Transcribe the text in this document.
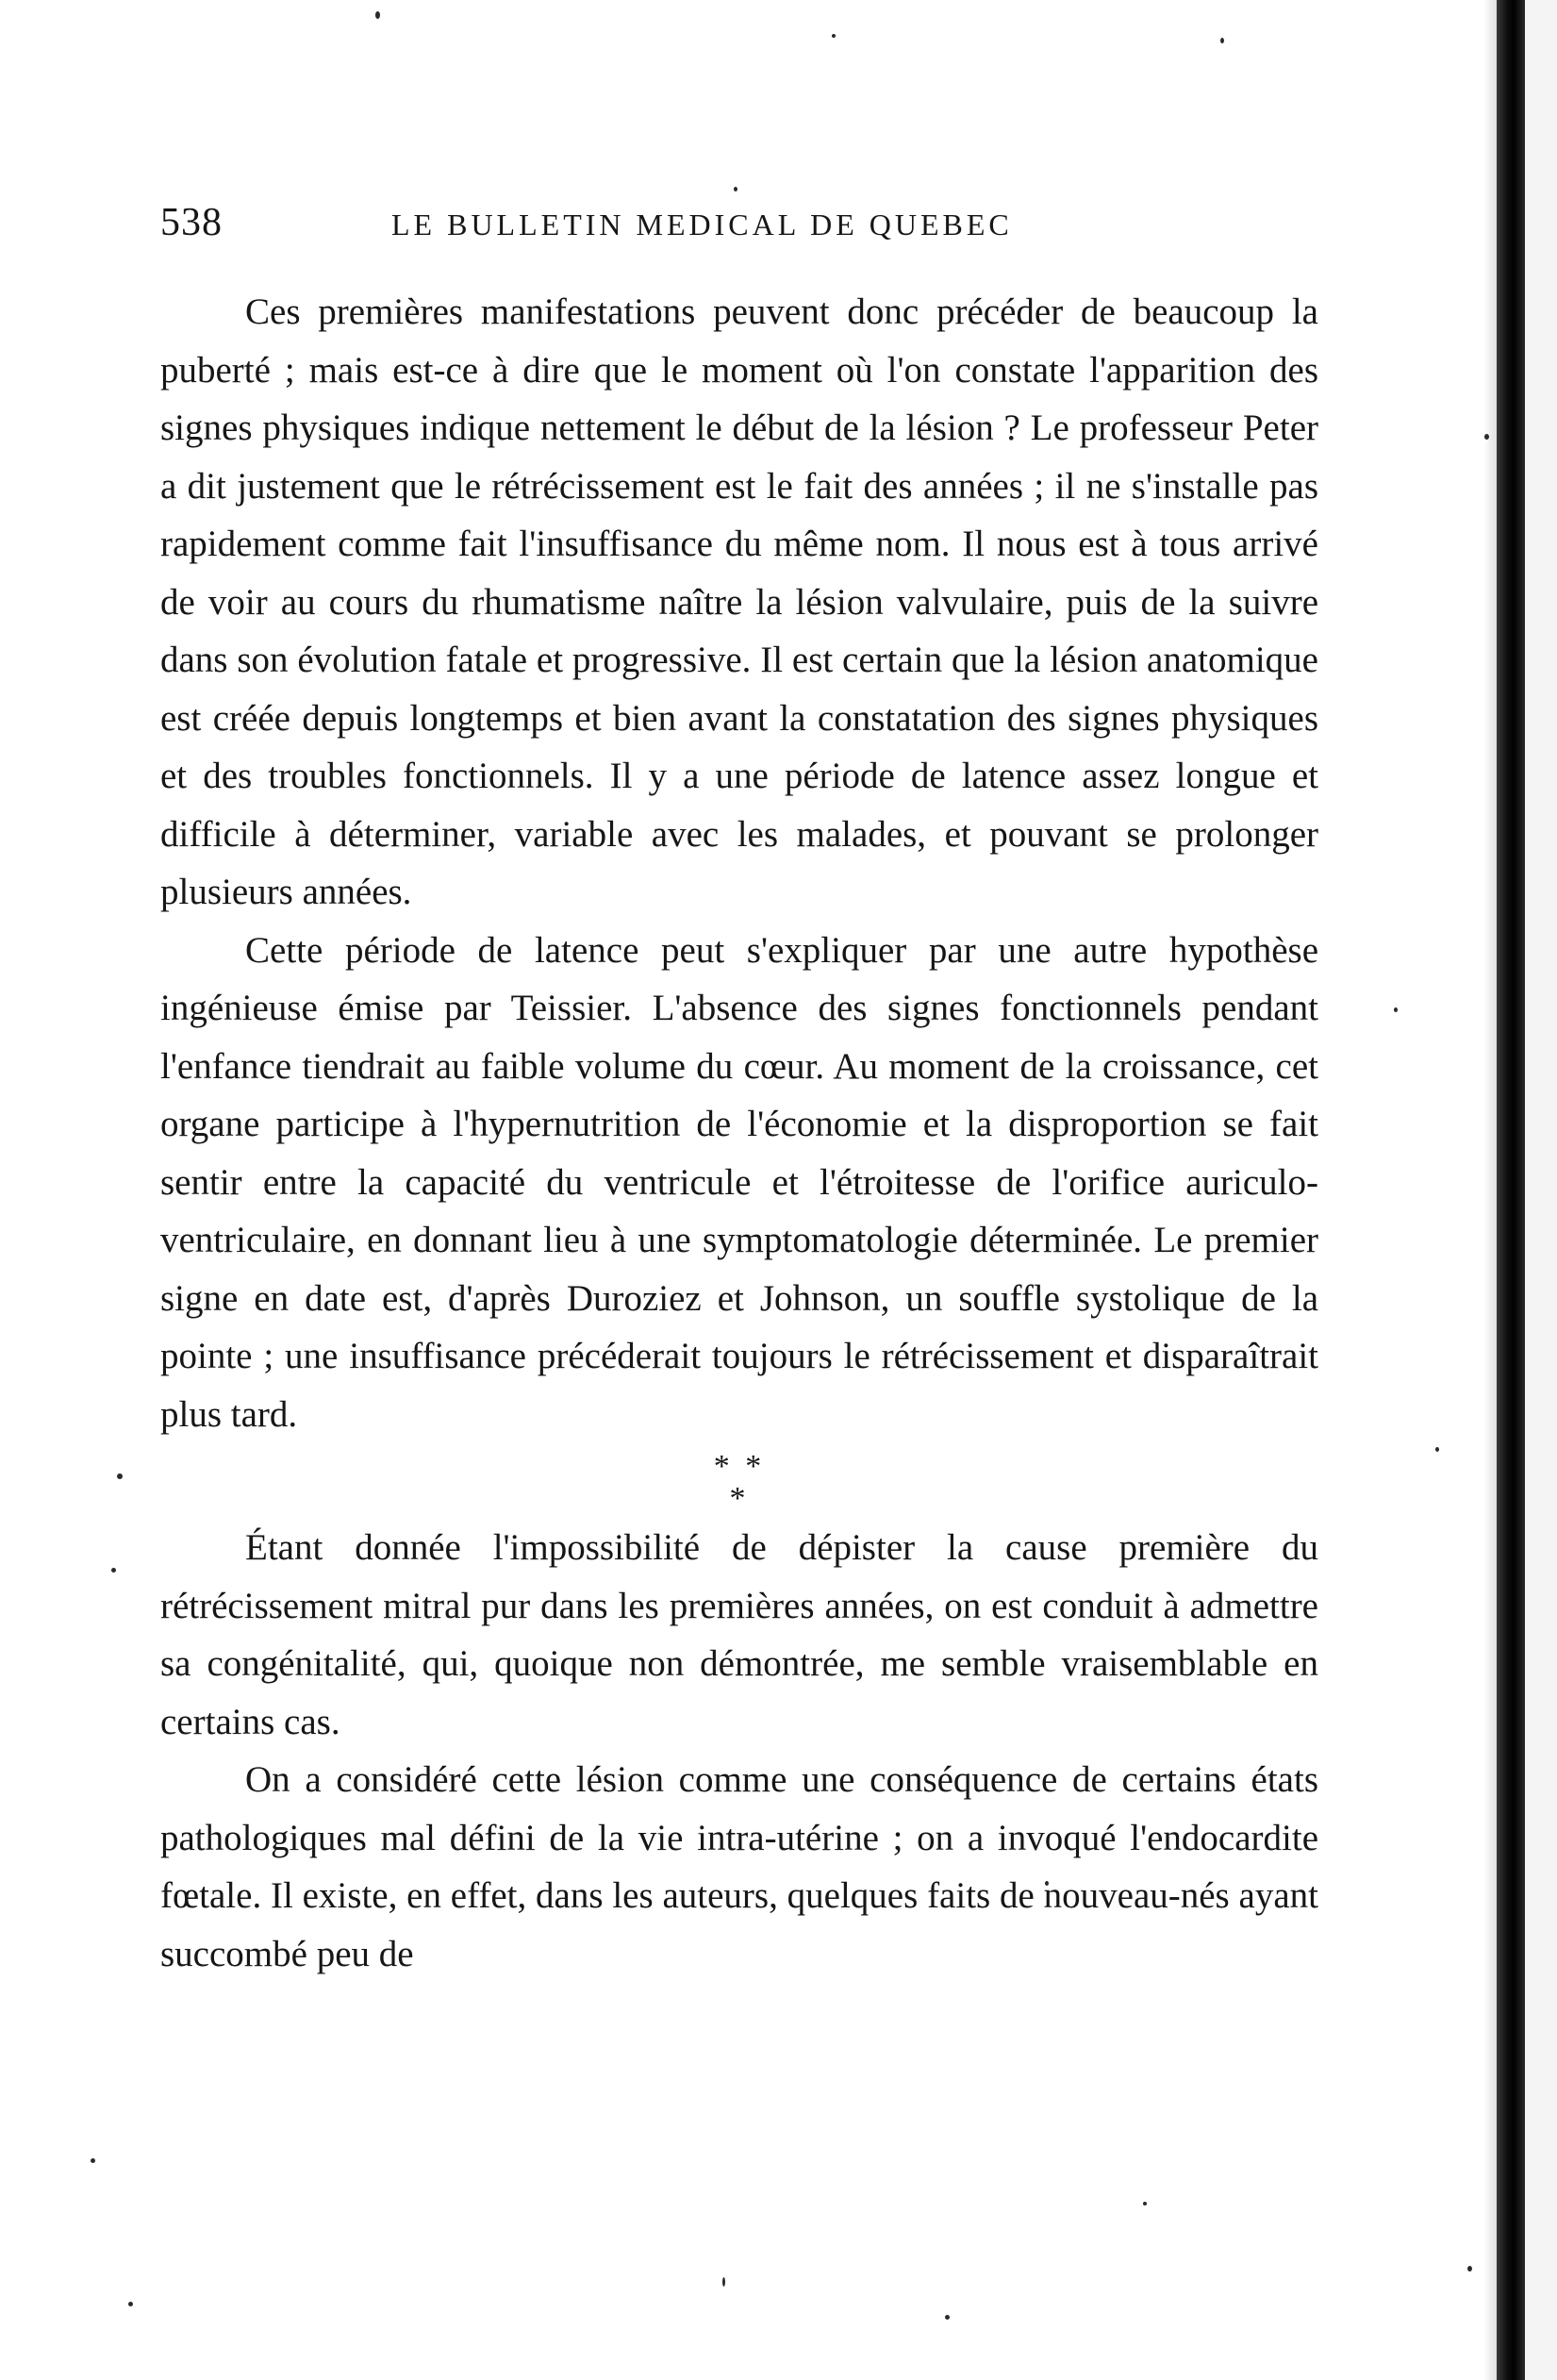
538	LE BULLETIN MEDICAL DE QUEBEC

Ces premières manifestations peuvent donc précéder de beaucoup la puberté ; mais est-ce à dire que le moment où l'on constate l'apparition des signes physiques indique nettement le début de la lésion ? Le professeur Peter a dit justement que le rétrécissement est le fait des années ; il ne s'installe pas rapidement comme fait l'insuffisance du même nom. Il nous est à tous arrivé de voir au cours du rhumatisme naître la lésion valvulaire, puis de la suivre dans son évolution fatale et progressive. Il est certain que la lésion anatomique est créée depuis longtemps et bien avant la constatation des signes physiques et des troubles fonctionnels. Il y a une période de latence assez longue et difficile à déterminer, variable avec les malades, et pouvant se prolonger plusieurs années.

Cette période de latence peut s'expliquer par une autre hypothèse ingénieuse émise par Teissier. L'absence des signes fonctionnels pendant l'enfance tiendrait au faible volume du cœur. Au moment de la croissance, cet organe participe à l'hypernutrition de l'économie et la disproportion se fait sentir entre la capacité du ventricule et l'étroitesse de l'orifice auriculo-ventriculaire, en donnant lieu à une symptomatologie déterminée. Le premier signe en date est, d'après Duroziez et Johnson, un souffle systolique de la pointe ; une insuffisance précéderait toujours le rétrécissement et disparaîtrait plus tard.

* * *

Étant donnée l'impossibilité de dépister la cause première du rétrécissement mitral pur dans les premières années, on est conduit à admettre sa congénitalité, qui, quoique non démontrée, me semble vraisemblable en certains cas.

On a considéré cette lésion comme une conséquence de certains états pathologiques mal défini de la vie intra-utérine ; on a invoqué l'endocardite fœtale. Il existe, en effet, dans les auteurs, quelques faits de nouveau-nés ayant succombé peu de
